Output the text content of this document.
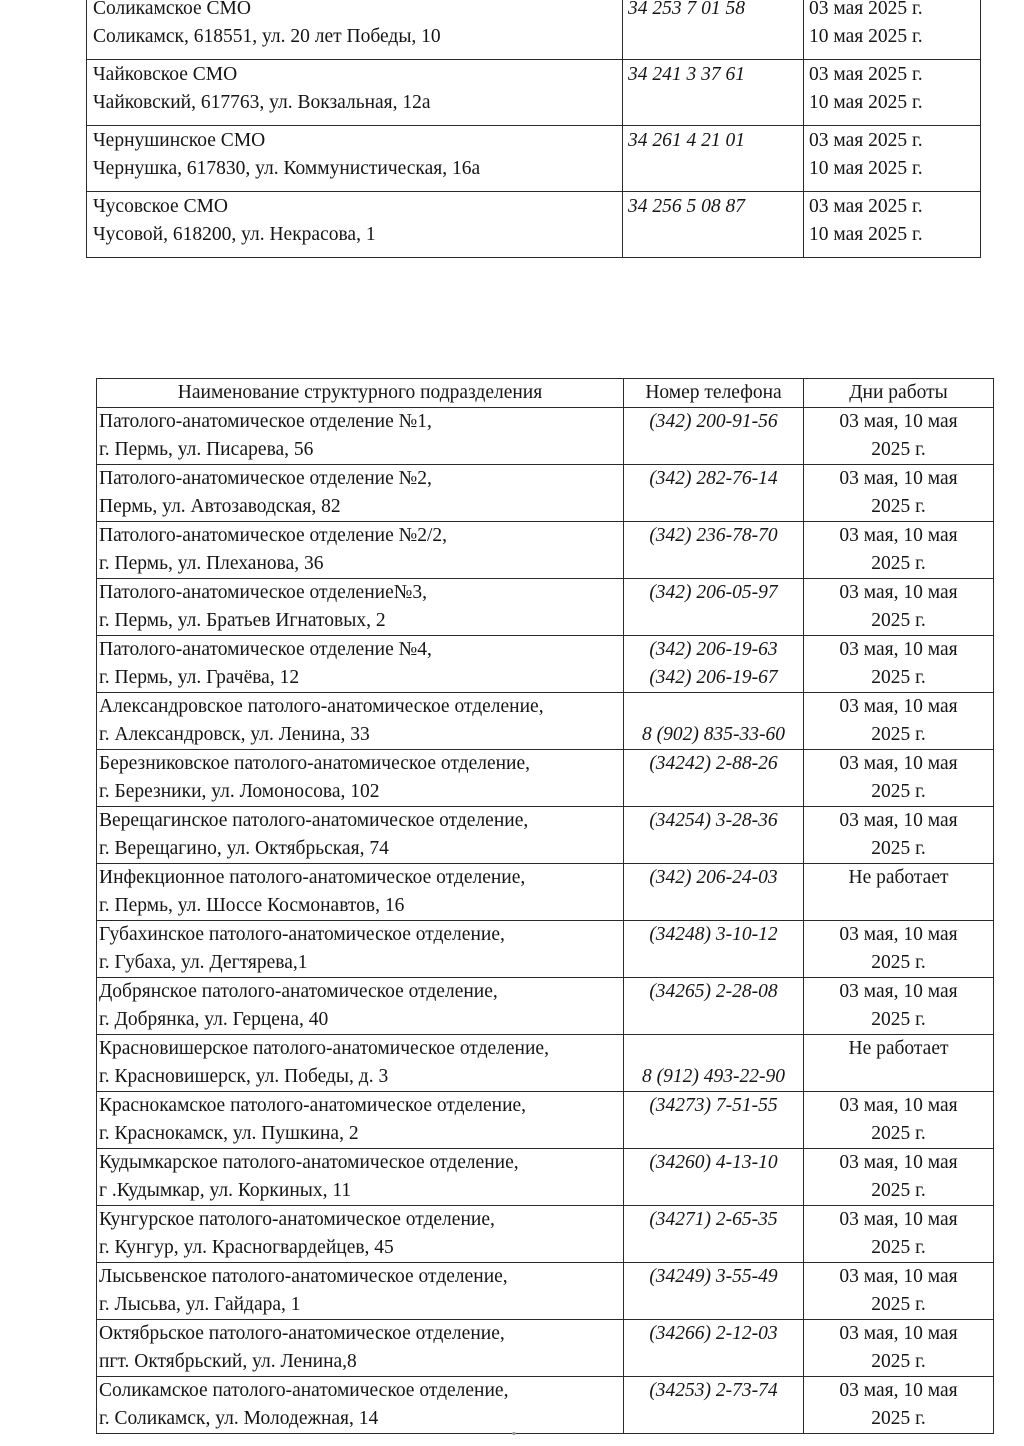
Соликамское СМО
Соликамск, 618551, ул. 20 лет Победы, 10	34 253 7 01 58	03 мая 2025 г.
10 мая 2025 г.

Чайковское СМО
Чайковский, 617763, ул. Вокзальная, 12а	34 241 3 37 61	03 мая 2025 г.
10 мая 2025 г.

Чернушинское СМО
Чернушка, 617830, ул. Коммунистическая, 16а	34 261 4 21 01	03 мая 2025 г.
10 мая 2025 г.

Чусовское СМО
Чусовой, 618200, ул. Некрасова, 1	34 256 5 08 87	03 мая 2025 г.
10 мая 2025 г.
Наименование структурного подразделения	Номер телефона	Дни работы

Патолого-анатомическое отделение №1,
г. Пермь, ул. Писарева, 56	(342) 200-91-56	03 мая, 10 мая
2025 г.

Патолого-анатомическое отделение №2,
Пермь, ул. Автозаводская, 82	(342) 282-76-14	03 мая, 10 мая
2025 г.

Патолого-анатомическое отделение №2/2,
г. Пермь, ул. Плеханова, 36	(342) 236-78-70	03 мая, 10 мая
2025 г.

Патолого-анатомическое отделение№3,
г. Пермь, ул. Братьев Игнатовых, 2	(342) 206-05-97	03 мая, 10 мая
2025 г.

Патолого-анатомическое отделение №4,
г. Пермь, ул. Грачёва, 12	(342) 206-19-63
(342) 206-19-67	03 мая, 10 мая
2025 г.

Александровское патолого-анатомическое отделение,
г. Александровск, ул. Ленина, 33	8 (902) 835-33-60	03 мая, 10 мая
2025 г.

Березниковское патолого-анатомическое отделение,
г. Березники, ул. Ломоносова, 102	(34242) 2-88-26	03 мая, 10 мая
2025 г.

Верещагинское патолого-анатомическое отделение,
г. Верещагино, ул. Октябрьская, 74	(34254) 3-28-36	03 мая, 10 мая
2025 г.

Инфекционное патолого-анатомическое отделение,
г. Пермь, ул. Шоссе Космонавтов, 16	(342) 206-24-03	Не работает

Губахинское патолого-анатомическое отделение,
г. Губаха, ул. Дегтярева,1	(34248) 3-10-12	03 мая, 10 мая
2025 г.

Добрянское патолого-анатомическое отделение,
г. Добрянка, ул. Герцена, 40	(34265) 2-28-08	03 мая, 10 мая
2025 г.

Красновишерское патолого-анатомическое отделение,
г. Красновишерск, ул. Победы, д. 3	8 (912) 493-22-90	Не работает

Краснокамское патолого-анатомическое отделение,
г. Краснокамск, ул. Пушкина, 2	(34273) 7-51-55	03 мая, 10 мая
2025 г.

Кудымкарское патолого-анатомическое отделение,
г .Кудымкар, ул. Коркиных, 11	(34260) 4-13-10	03 мая, 10 мая
2025 г.

Кунгурское патолого-анатомическое отделение,
г. Кунгур, ул. Красногвардейцев, 45	(34271) 2-65-35	03 мая, 10 мая
2025 г.

Лысьвенское патолого-анатомическое отделение,
г. Лысьва, ул. Гайдара, 1	(34249) 3-55-49	03 мая, 10 мая
2025 г.

Октябрьское патолого-анатомическое отделение,
пгт. Октябрьский, ул. Ленина,8	(34266) 2-12-03	03 мая, 10 мая
2025 г.

Соликамское патолого-анатомическое отделение,
г. Соликамск, ул. Молодежная, 14	(34253) 2-73-74	03 мая, 10 мая
2025 г.
